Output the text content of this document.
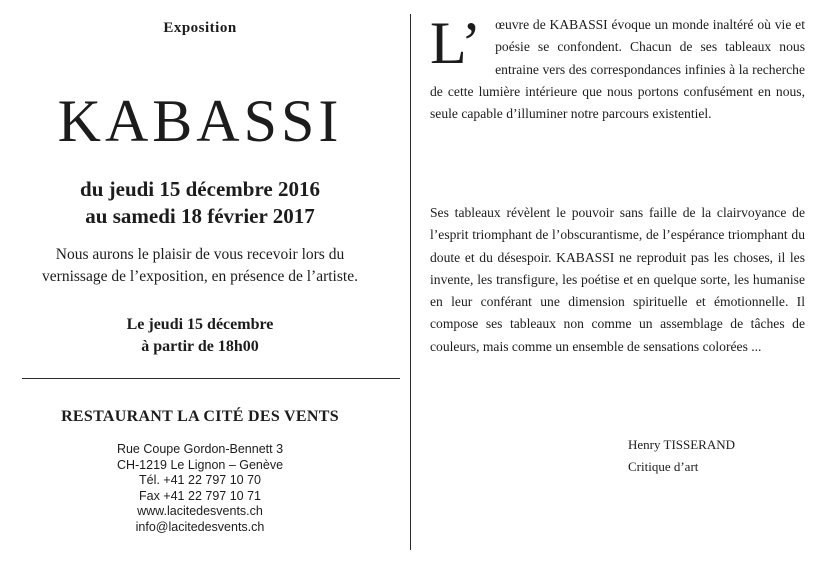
Exposition
KABASSI
du jeudi 15 décembre 2016
au samedi 18 février 2017
Nous aurons le plaisir de vous recevoir lors du
vernissage de l’exposition, en présence de l’artiste.
Le jeudi 15 décembre
à partir de 18h00
RESTAURANT LA CITÉ DES VENTS
Rue Coupe Gordon-Bennett 3
CH-1219 Le Lignon – Genève
Tél. +41 22 797 10 70
Fax +41 22 797 10 71
www.lacitedesvents.ch
info@lacitedesvents.ch
L’ œuvre de KABASSI évoque un monde inaltéré où vie et poésie se confondent. Chacun de ses tableaux nous entraine vers des correspondances infinies à la recherche de cette lumière intérieure que nous portons confusément en nous, seule capable d’illuminer notre parcours existentiel.
Ses tableaux révèlent le pouvoir sans faille de la clairvoyance de l’esprit triomphant de l’obscurantisme, de l’espérance triomphant du doute et du désespoir. KABASSI ne reproduit pas les choses, il les invente, les transfigure, les poétise et en quelque sorte, les humanise en leur conférant une dimension spirituelle et émotionnelle. Il compose ses tableaux non comme un assemblage de tâches de couleurs, mais comme un ensemble de sensations colorées ...
Henry TISSERAND
Critique d’art
